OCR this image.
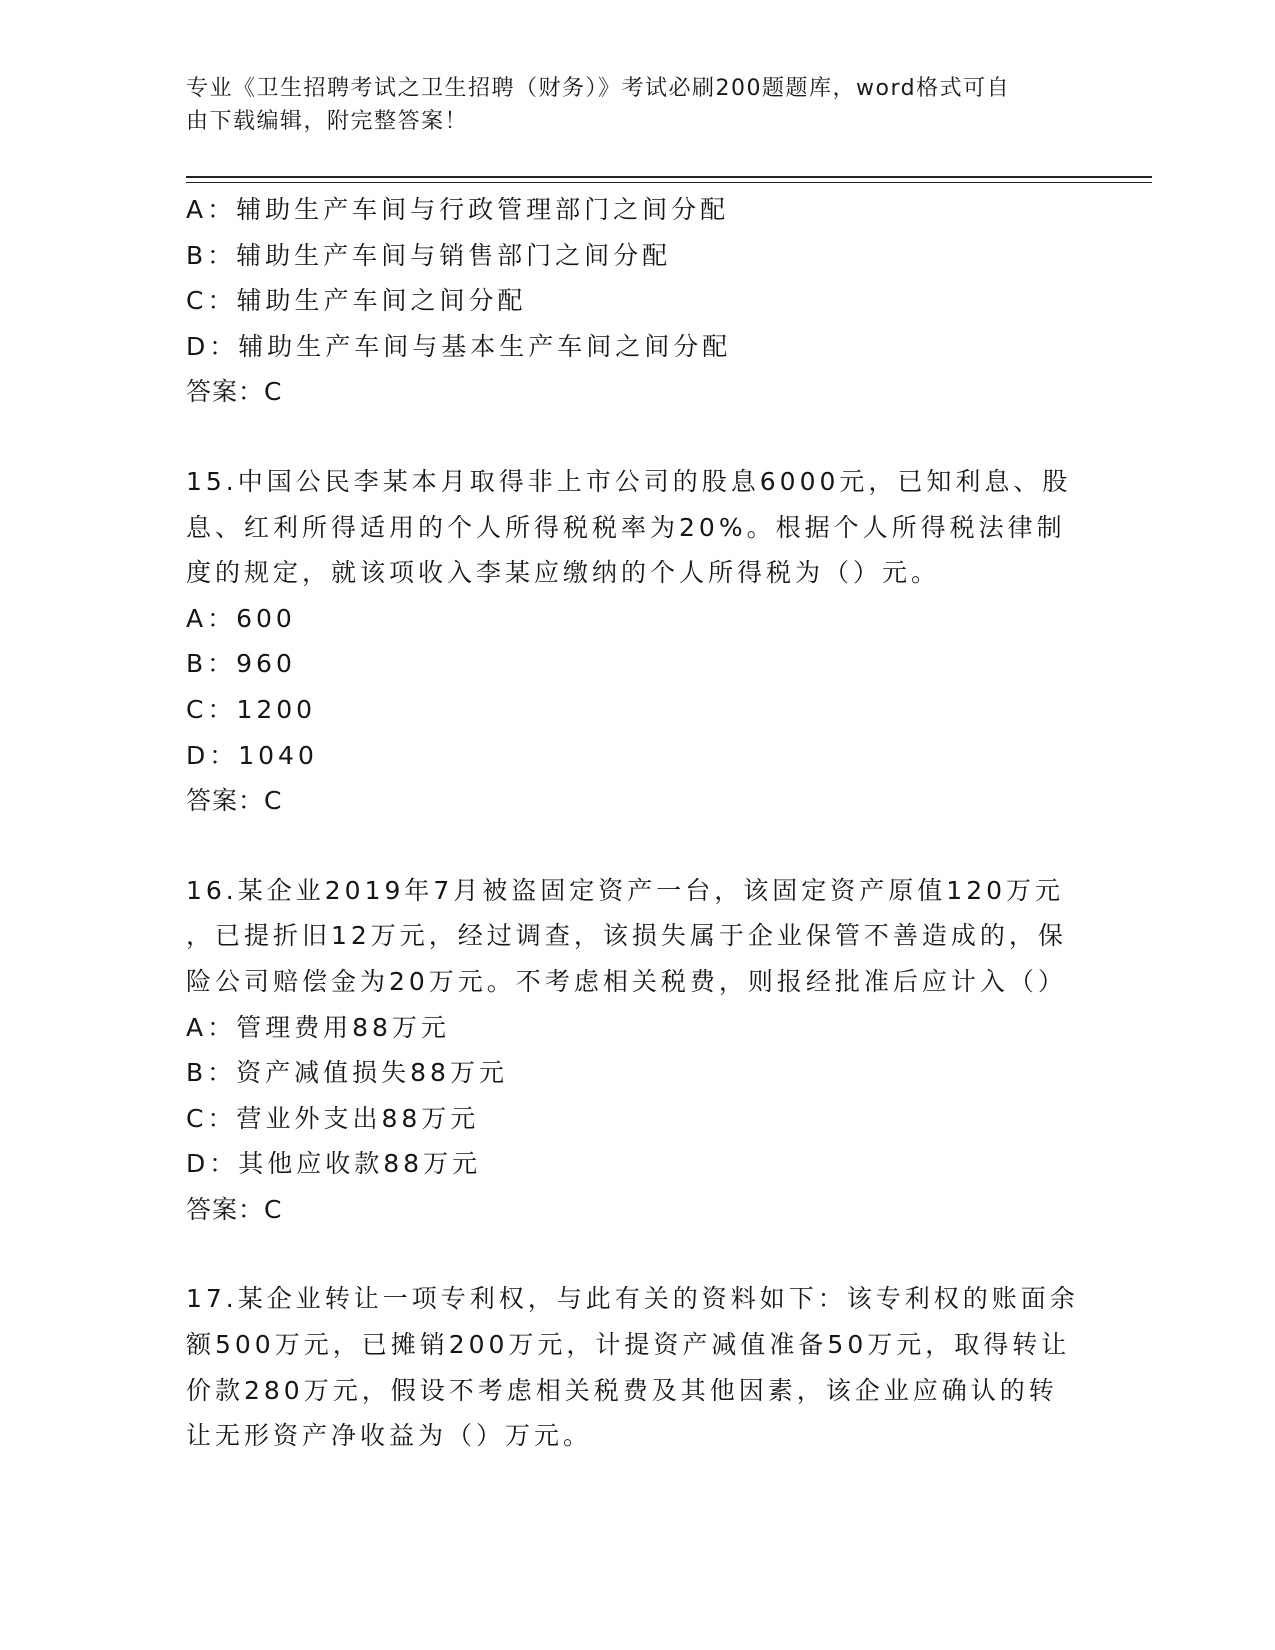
专业《卫生招聘考试之卫生招聘（财务）》考试必刷200题题库，word格式可自
由下载编辑，附完整答案！
A：辅助生产车间与行政管理部门之间分配
B：辅助生产车间与销售部门之间分配
C：辅助生产车间之间分配
D：辅助生产车间与基本生产车间之间分配
答案：C
15.中国公民李某本月取得非上市公司的股息6000元，已知利息、股
息、红利所得适用的个人所得税税率为20%。根据个人所得税法律制
度的规定，就该项收入李某应缴纳的个人所得税为（）元。
A：600
B：960
C：1200
D：1040
答案：C
16.某企业2019年7月被盗固定资产一台，该固定资产原值120万元
，已提折旧12万元，经过调查，该损失属于企业保管不善造成的，保
险公司赔偿金为20万元。不考虑相关税费，则报经批准后应计入（）
A：管理费用88万元
B：资产减值损失88万元
C：营业外支出88万元
D：其他应收款88万元
答案：C
17.某企业转让一项专利权，与此有关的资料如下：该专利权的账面余
额500万元，已摊销200万元，计提资产减值准备50万元，取得转让
价款280万元，假设不考虑相关税费及其他因素，该企业应确认的转
让无形资产净收益为（）万元。
